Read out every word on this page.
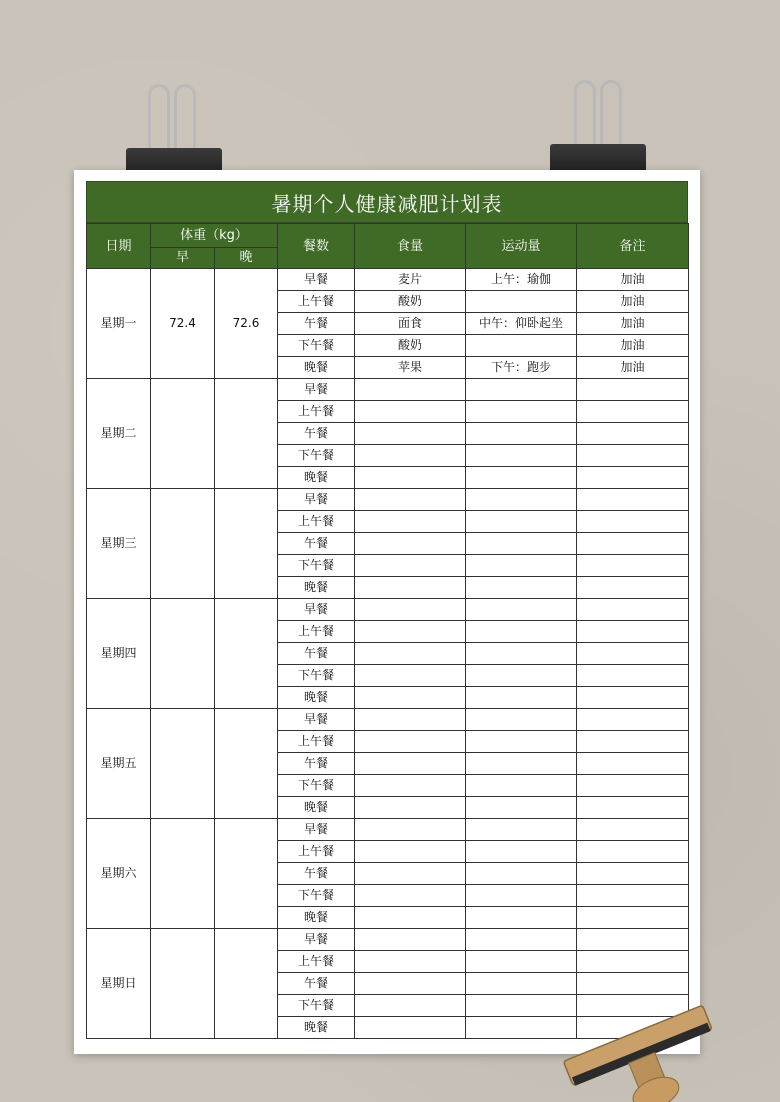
暑期个人健康减肥计划表
日期	体重（kg）		餐数	食量	运动量	备注
	早	晚				
星期一	72.4	72.6	早餐	麦片	上午：瑜伽	加油
			上午餐	酸奶		加油
			午餐	面食	中午：仰卧起坐	加油
			下午餐	酸奶		加油
			晚餐	苹果	下午：跑步	加油
星期二			早餐			
			上午餐			
			午餐			
			下午餐			
			晚餐			
星期三			早餐			
			上午餐			
			午餐			
			下午餐			
			晚餐			
星期四			早餐			
			上午餐			
			午餐			
			下午餐			
			晚餐			
星期五			早餐			
			上午餐			
			午餐			
			下午餐			
			晚餐			
星期六			早餐			
			上午餐			
			午餐			
			下午餐			
			晚餐			
星期日			早餐			
			上午餐			
			午餐			
			下午餐			
			晚餐			
